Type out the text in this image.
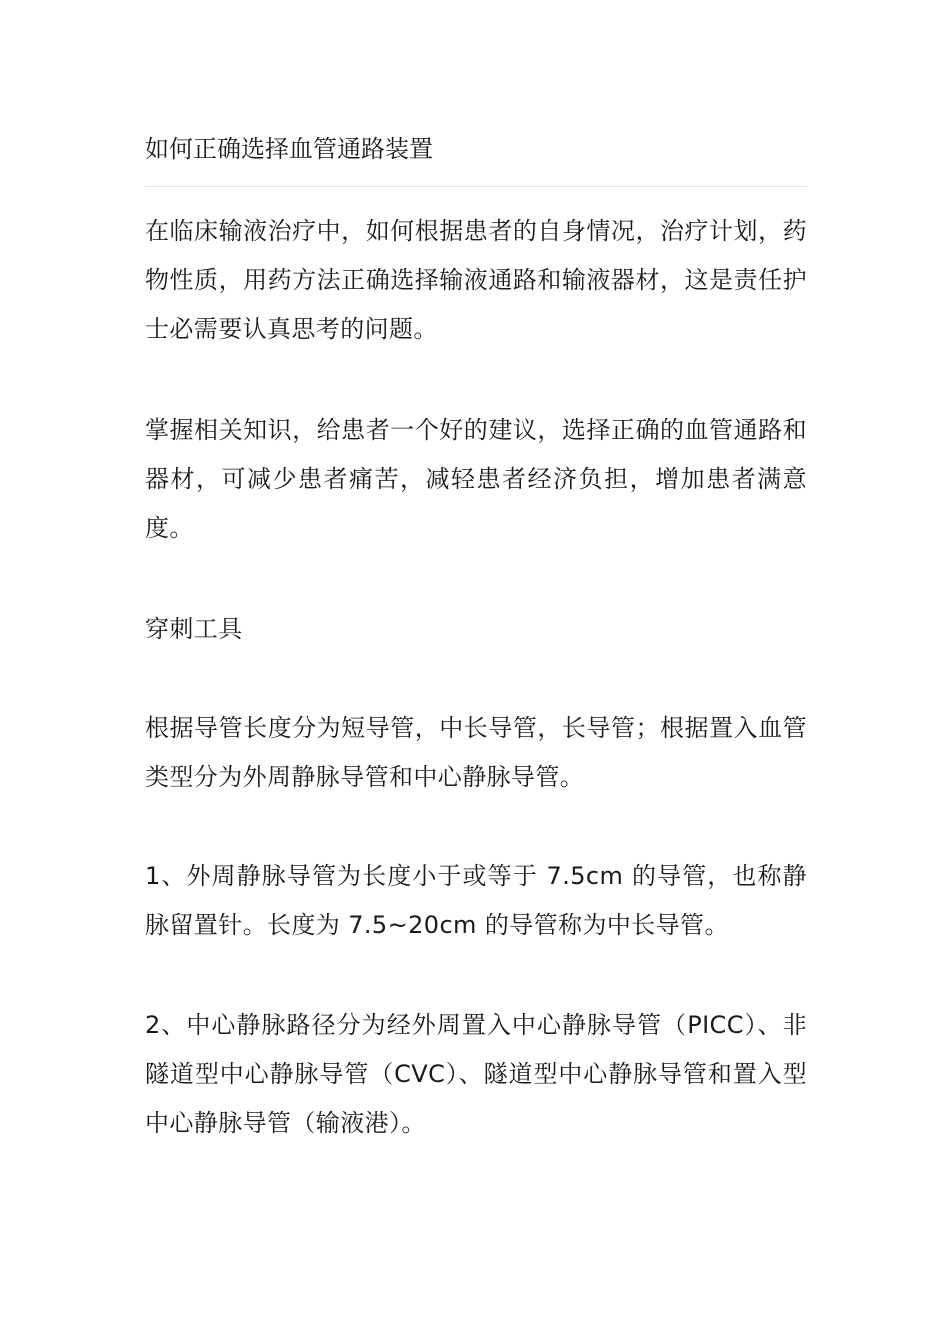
如何正确选择血管通路装置
在临床输液治疗中，如何根据患者的自身情况，治疗计划，药物性质，用药方法正确选择输液通路和输液器材，这是责任护士必需要认真思考的问题。
掌握相关知识，给患者一个好的建议，选择正确的血管通路和器材，可减少患者痛苦，减轻患者经济负担，增加患者满意度。
穿刺工具
根据导管长度分为短导管，中长导管，长导管；根据置入血管类型分为外周静脉导管和中心静脉导管。
1、外周静脉导管为长度小于或等于 7.5cm 的导管，也称静脉留置针。长度为 7.5~20cm 的导管称为中长导管。
2、中心静脉路径分为经外周置入中心静脉导管（PICC）、非隧道型中心静脉导管（CVC）、隧道型中心静脉导管和置入型中心静脉导管（输液港）。
